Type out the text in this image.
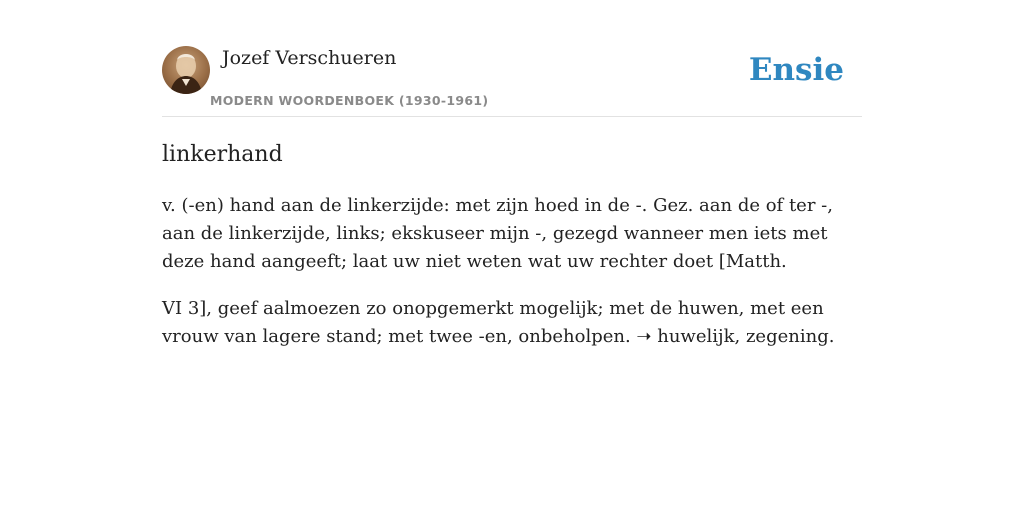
Jozef Verschueren
MODERN WOORDENBOEK (1930-1961)
Ensie
linkerhand

v. (-en) hand aan de linkerzijde: met zijn hoed in de -. Gez. aan de of ter -, aan de linkerzijde, links; ekskuseer mijn -, gezegd wanneer men iets met deze hand aangeeft; laat uw niet weten wat uw rechter doet [Matth.

VI 3], geef aalmoezen zo onopgemerkt mogelijk; met de huwen, met een vrouw van lagere stand; met twee -en, onbeholpen. ➝ huwelijk, zegening.
